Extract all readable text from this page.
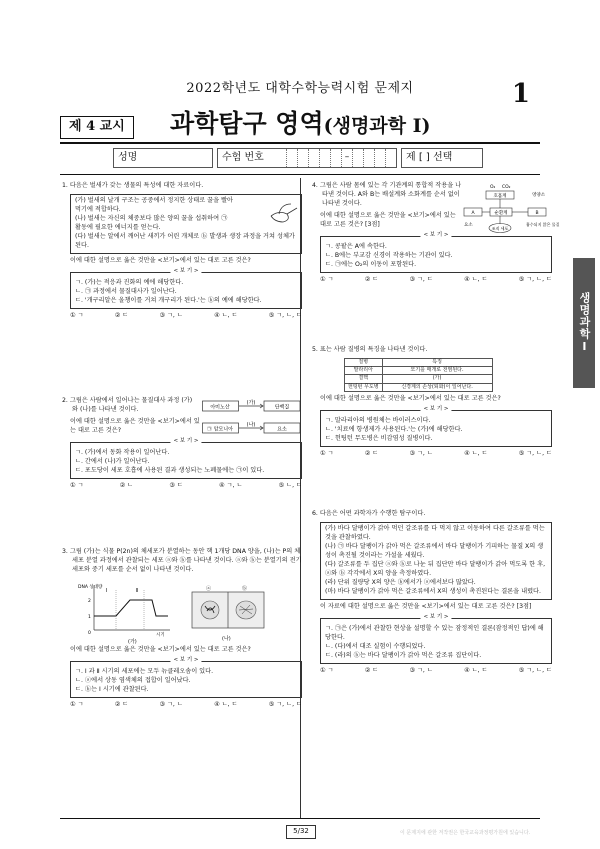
2022학년도 대학수학능력시험 문제지	1
제 4 교시	과학탐구 영역(생명과학 Ⅰ)
성명	수험 번호	–	제 [ ] 선택
생명과학Ⅰ
1. 다음은 벌새가 갖는 생물의 특성에 대한 자료이다.
(가) 벌새의 날개 구조는 공중에서 정지한 상태로 꿀을 빨아먹기에 적합하다.
(나) 벌새는 자신의 체중보다 많은 양의 꿀을 섭취하여 ㉠ 활동에 필요한 에너지를 얻는다.
(다) 벌새는 알에서 깨어난 새끼가 어린 개체로 ⓑ 발생과 생장 과정을 거쳐 성체가 된다.
이에 대한 설명으로 옳은 것만을 <보기>에서 있는 대로 고른 것은?
< 보 기 >
ㄱ. (가)는 적응과 진화의 예에 해당한다.
ㄴ. ㉠ 과정에서 물질대사가 일어난다.
ㄷ. '개구리알은 올챙이를 거쳐 개구리가 된다.'는 ⓑ의 예에 해당한다.
① ㄱ	② ㄷ	③ ㄱ, ㄴ	④ ㄴ, ㄷ	⑤ ㄱ, ㄴ, ㄷ
2. 그림은 사람에서 일어나는 물질대사 과정 (가)와 (나)를 나타낸 것이다.
이에 대한 설명으로 옳은 것만을 <보기>에서 있는 대로 고른 것은?
아미노산
(가)
단백질
㉠ 암모니아
(나)
요소
< 보 기 >
ㄱ. (가)에서 동화 작용이 일어난다.
ㄴ. 간에서 (나)가 일어난다.
ㄷ. 포도당이 세포 호흡에 사용된 결과 생성되는 노폐물에는 ㉠이 있다.
① ㄱ	② ㄴ	③ ㄷ	④ ㄱ, ㄴ	⑤ ㄴ, ㄷ
3. 그림 (가)는 식물 P(2n)의 체세포가 분열하는 동안 핵 1개당 DNA 양을, (나)는 P의 체세포 분열 과정에서 관찰되는 세포 ⓐ와 ⓑ를 나타낸 것이다. ⓐ와 ⓑ는 분열기의 전기 세포와 중기 세포를 순서 없이 나타낸 것이다.
DNA 상대량
Ⅰ	Ⅱ
2
1
0	시기
(가)
ⓐ	ⓑ
(나)
이에 대한 설명으로 옳은 것만을 <보기>에서 있는 대로 고른 것은?
< 보 기 >
ㄱ. Ⅰ 과 Ⅱ 시기의 세포에는 모두 뉴클레오솜이 있다.
ㄴ. ⓐ에서 상동 염색체의 접합이 일어났다.
ㄷ. ⓑ는 Ⅰ 시기에 관찰된다.
① ㄱ	② ㄷ	③ ㄱ, ㄴ	④ ㄴ, ㄷ	⑤ ㄱ, ㄴ, ㄷ
4. 그림은 사람 몸에 있는 각 기관계의 통합적 작용을 나타낸 것이다. A와 B는 배설계와 소화계를 순서 없이 나타낸 것이다.
이에 대한 설명으로 옳은 것만을 <보기>에서 있는 대로 고른 것은? [3점]
O₂ CO₂
호흡계	영양소
A	순환계	B
요소
조직 세포
흡수되지 않은 물질
< 보 기 >
ㄱ. 콩팥은 A에 속한다.
ㄴ. B에는 부교감 신경이 작용하는 기관이 있다.
ㄷ. ㉠에는 O₂의 이동이 포함된다.
① ㄱ	② ㄷ	③ ㄱ, ㄷ	④ ㄴ, ㄷ	⑤ ㄱ, ㄴ, ㄷ
5. 표는 사람 질병의 특징을 나타낸 것이다.
질병	특징
말라리아	모기를 매개로 전염된다.
결핵	(가)
헌팅턴 무도병	신경계의 손상(퇴화)이 일어난다.
이에 대한 설명으로 옳은 것만을 <보기>에서 있는 대로 고른 것은?
< 보 기 >
ㄱ. 말라리아의 병원체는 바이러스이다.
ㄴ. '치료에 항생제가 사용된다.'는 (가)에 해당한다.
ㄷ. 헌팅턴 무도병은 비감염성 질병이다.
① ㄱ	② ㄷ	③ ㄱ, ㄴ	④ ㄴ, ㄷ	⑤ ㄱ, ㄴ, ㄷ
6. 다음은 어떤 과학자가 수행한 탐구이다.
(가) 바다 달팽이가 갉아 먹던 갈조류를 다 먹지 않고 이동하여 다른 갈조류를 먹는 것을 관찰하였다.
(나) ㉠ 바다 달팽이가 갉아 먹은 갈조류에서 바다 달팽이가 기피하는 물질 X의 생성이 촉진될 것이라는 가설을 세웠다.
(다) 갈조류를 두 집단 ⓐ와 ⓑ로 나눈 뒤 집단만 바다 달팽이가 갉아 먹도록 한 후, ⓐ와 ⓑ 각각에서 X의 양을 측정하였다.
(라) 단위 질량당 X의 양은 ⓑ에서가 ⓐ에서보다 많았다.
(마) 바다 달팽이가 갉아 먹은 갈조류에서 X의 생성이 촉진된다는 결론을 내렸다.
이 자료에 대한 설명으로 옳은 것만을 <보기>에서 있는 대로 고른 것은? [3점]
< 보 기 >
ㄱ. ㉠은 (가)에서 관찰한 현상을 설명할 수 있는 잠정적인 결론(잠정적인 답)에 해당한다.
ㄴ. (다)에서 대조 실험이 수행되었다.
ㄷ. (라)의 ⓑ는 바다 달팽이가 갉아 먹은 갈조류 집단이다.
① ㄱ	② ㄷ	③ ㄱ, ㄴ	④ ㄴ, ㄷ	⑤ ㄱ, ㄴ, ㄷ
5/32	이 문제지에 관한 저작권은 한국교육과정평가원에 있습니다.
